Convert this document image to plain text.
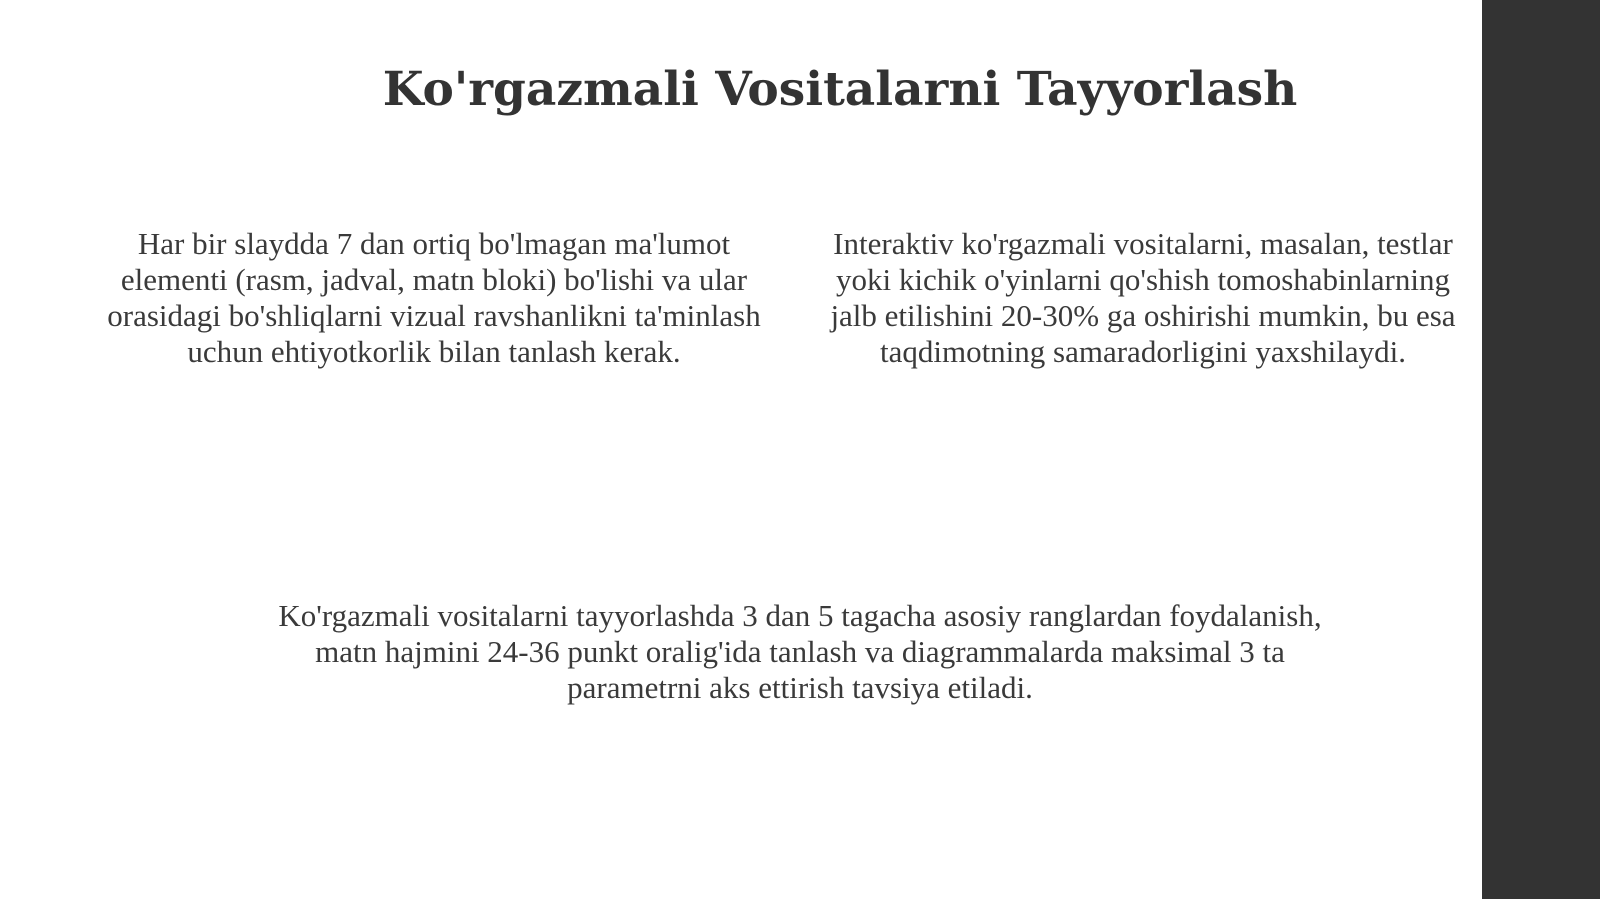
Ko'rgazmali Vositalarni Tayyorlash
Har bir slaydda 7 dan ortiq bo'lmagan ma'lumot elementi (rasm, jadval, matn bloki) bo'lishi va ular orasidagi bo'shliqlarni vizual ravshanlikni ta'minlash uchun ehtiyotkorlik bilan tanlash kerak.
Interaktiv ko'rgazmali vositalarni, masalan, testlar yoki kichik o'yinlarni qo'shish tomoshabinlarning jalb etilishini 20-30% ga oshirishi mumkin, bu esa taqdimotning samaradorligini yaxshilaydi.
Ko'rgazmali vositalarni tayyorlashda 3 dan 5 tagacha asosiy ranglardan foydalanish, matn hajmini 24-36 punkt oralig'ida tanlash va diagrammalarda maksimal 3 ta parametrni aks ettirish tavsiya etiladi.
